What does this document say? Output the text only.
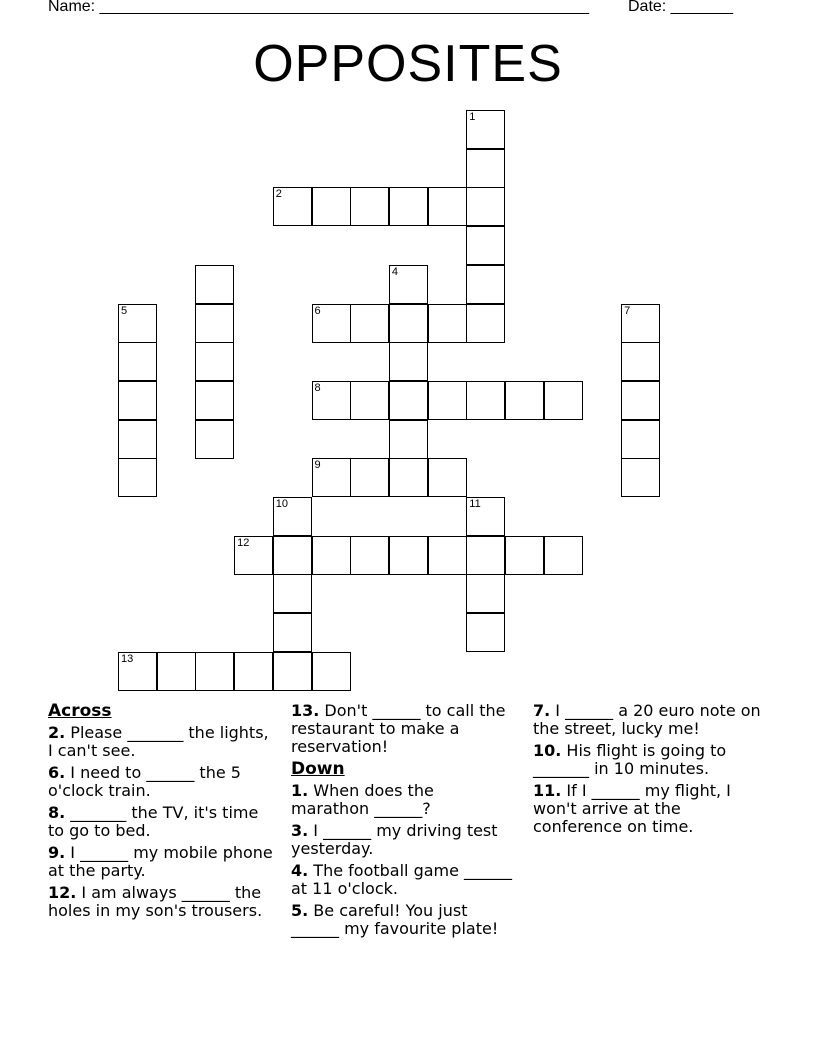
Name: _______________________________________________________ Date: _______
OPPOSITES
1
4
5	7
10	11
2
6
8
9
12
13
Across
2. Please _______ the lights, I can't see.
6. I need to ______ the 5 o'clock train.
8. _______ the TV, it's time to go to bed.
9. I ______ my mobile phone at the party.
12. I am always ______ the holes in my son's trousers.
13. Don't ______ to call the restaurant to make a reservation!
Down
1. When does the marathon ______?
3. I ______ my driving test yesterday.
4. The football game ______ at 11 o'clock.
5. Be careful! You just ______ my favourite plate!
7. I ______ a 20 euro note on the street, lucky me!
10. His flight is going to _______ in 10 minutes.
11. If I ______ my flight, I won't arrive at the conference on time.
